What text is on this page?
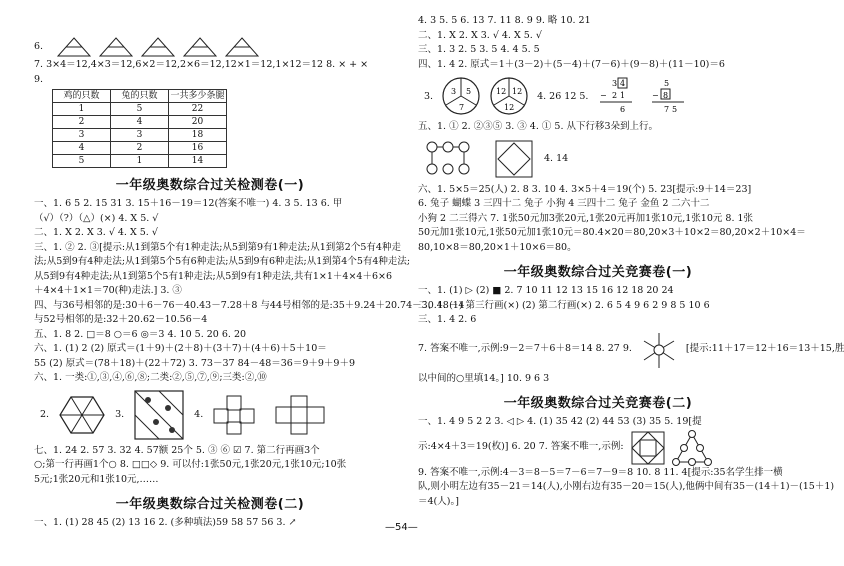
6.
7. 3×4＝12,4×3＝12,6×2＝12,2×6＝12,12×1＝12,1×12＝12 8. × + ×
9.
鸡的只数	兔的只数	一共多少条腿
1	5	22
2	4	20
3	3	18
4	2	16
5	1	14
一年级奥数综合过关检测卷(一)
一、1. 6 5 2. 15 31 3. 15＋16－19＝12(答案不唯一) 4. 3 5. 13 6. 甲
（√）（?）（△）(×) 4. X 5. √
二、1. X 2. X 3. √ 4. X 5. √
三、1. ② 2. ③[提示:从1到第5个有1种走法;从5到第9有1种走法;从1到第2个5有4种走
法;从5到9有4种走法;从1到第5个5有6种走法;从5到9有6种走法;从1到第4个5有4种走法;
从5到9有4种走法;从1到第5个5有1种走法;从5到9有1种走法,共有1×1＋4×4＋6×6
＋4×4＋1×1＝70(种)走法.] 3. ③
四、与36号相邻的是:30＋6－76－40.43－7.28＋8 与44号相邻的是:35＋9.24＋20.74－30.48－4
与52号相邻的是:32＋20.62－10.56－4
五、1. 8 2. □＝8 ○＝6 ◎＝3 4. 10 5. 20 6. 20
六、1. (1) 2 (2) 原式＝(1＋9)＋(2＋8)＋(3＋7)＋(4＋6)＋5＋10＝
55 (2) 原式＝(78＋18)＋(22＋72) 3. 73－37 84－48＝36＝9＋9＋9＋9
六、1. 一类:①,③,④,⑥,⑧;二类:②,⑤,⑦,⑨;三类:②,⑩
2.	3.	4.
七、1. 24 2. 57 3. 32 4. 57额 25个 5. ③ ⑥ ☑ 7. 第二行再画3个
○;第一行再画1个○ 8. □□◇ 9. 可以付:1张50元,1张20元,1张10元;10张
5元;1张20元和1张10元,……
一年级奥数综合过关检测卷(二)
一、1. (1) 28 45 (2) 13 16 2. (多种填法)59 58 57 56 3. ↗
4. 3 5. 5 6. 13 7. 11 8. 9 9. 略 10. 21
二、1. X 2. X 3. √ 4. X 5. √
三、1. 3 2. 5 3. 5 4. 4 5. 5
四、1. 4 2. 原式＝1＋(3－2)＋(5－4)＋(7－6)＋(9－8)＋(11－10)＝6
3. 3 5
7
12 12
12
4. 26 12 5.
3 4
− 2 1
6
5
− 8
7 5
五、1. ① 2. ②③⑤ 3. ③ 4. ① 5. 从下行移3朵到上行。
4. 14
六、1. 5×5＝25(人) 2. 8 3. 10 4. 3×5＋4＝19(个) 5. 23[提示:9＋14＝23]
6. 兔子 蝴蝶 3 三四十二 兔子 小狗 4 三四十二 兔子 金鱼 2 二六十二
小狗 2 二三得六 7. 1张50元加3张20元,1张20元再加1张10元,1张10元 8. 1张
50元加1张10元,1张50元加1张10元＝80.4×20＝80,20×3＋10×2＝80,20×2＋10×4＝
80,10×8＝80,20×1＋10×6＝80。
一年级奥数综合过关竞赛卷(一)
一、1. (1) ▷ (2) ■ 2. 7 10 11 12 13 15 16 12 18 20 24
二、1. (1) 第三行画(×) (2) 第二行画(×) 2. 6 5 4 9 6 2 9 8 5 10 6
三、1. 4 2. 6
7. 答案不唯一,示例:9－2＝7＋6＋8＝14 8. 27 9.	[提示:11＋17＝12＋16＝13＋15,胜
以中间的○里填14。] 10. 9 6 3
一年级奥数综合过关竞赛卷(二)
一、1. 4 9 5 2 2 3. ◁ ▷ 4. (1) 35 42 (2) 44 53 (3) 35 5. 19[提
示:4×4＋3＝19(枚)] 6. 20 7. 答案不唯一,示例:
9. 答案不唯一,示例:4－3＝8－5＝7－6＝7－9＝8 10. 8 11. 4[提示:35名学生排一横
队,则小明左边有35－21＝14(人),小刚右边有35－20＝15(人),他俩中间有35－(14＋1)－(15＋1)
＝4(人)。]
—54—
